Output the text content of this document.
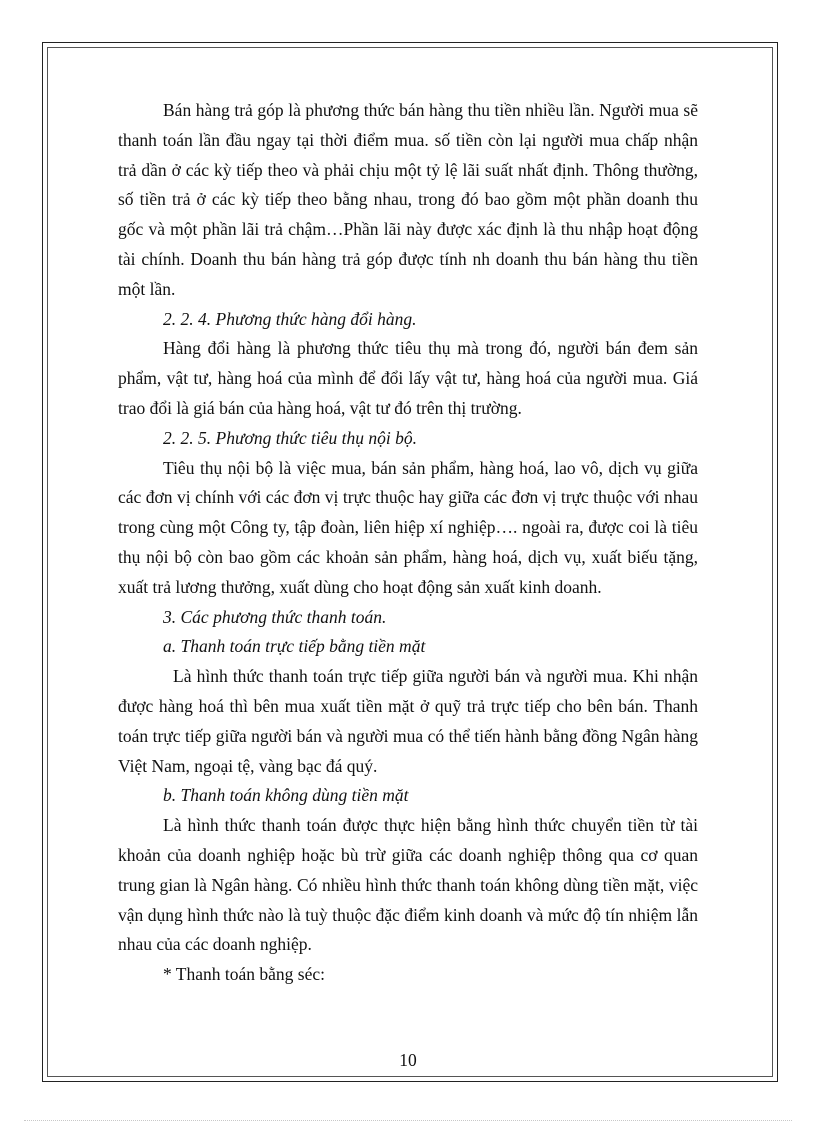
Bán hàng trả góp là phương thức bán hàng thu tiền nhiều lần. Người mua sẽ thanh toán lần đầu ngay tại thời điểm mua. số tiền còn lại người mua chấp nhận trả dần ở các kỳ tiếp theo và phải chịu một tỷ lệ lãi suất nhất định. Thông thường, số tiền trả ở các kỳ tiếp theo bằng nhau, trong đó bao gồm một phần doanh thu gốc và một phần lãi trả chậm…Phần lãi này được xác định là thu nhập hoạt động tài chính. Doanh thu bán hàng trả góp được tính nh doanh thu bán hàng thu tiền một lần.

2. 2. 4. Phương thức hàng đổi hàng.

Hàng đổi hàng là phương thức tiêu thụ mà trong đó, người bán đem sản phẩm, vật tư, hàng hoá của mình để đổi lấy vật tư, hàng hoá của người mua. Giá trao đổi là giá bán của hàng hoá, vật tư đó trên thị trường.

2. 2. 5. Phương thức tiêu thụ nội bộ.

Tiêu thụ nội bộ là việc mua, bán sản phẩm, hàng hoá, lao vô, dịch vụ giữa các đơn vị chính với các đơn vị trực thuộc hay giữa các đơn vị trực thuộc với nhau trong cùng một Công ty, tập đoàn, liên hiệp xí nghiệp…. ngoài ra, được coi là tiêu thụ nội bộ còn bao gồm các khoản sản phẩm, hàng hoá, dịch vụ, xuất biếu tặng, xuất trả lương thưởng, xuất dùng cho hoạt động sản xuất kinh doanh.

3. Các phương thức thanh toán.

a. Thanh toán trực tiếp bằng tiền mặt

Là hình thức thanh toán trực tiếp giữa người bán và người mua. Khi nhận được hàng hoá thì bên mua xuất tiền mặt ở quỹ trả trực tiếp cho bên bán. Thanh toán trực tiếp giữa người bán và người mua có thể tiến hành bằng đồng Ngân hàng Việt Nam, ngoại tệ, vàng bạc đá quý.

b. Thanh toán không dùng tiền mặt

Là hình thức thanh toán được thực hiện bằng hình thức chuyển tiền từ tài khoản của doanh nghiệp hoặc bù trừ giữa các doanh nghiệp thông qua cơ quan trung gian là Ngân hàng. Có nhiều hình thức thanh toán không dùng tiền mặt, việc vận dụng hình thức nào là tuỳ thuộc đặc điểm kinh doanh và mức độ tín nhiệm lẫn nhau của các doanh nghiệp.

* Thanh toán bằng séc:

10
